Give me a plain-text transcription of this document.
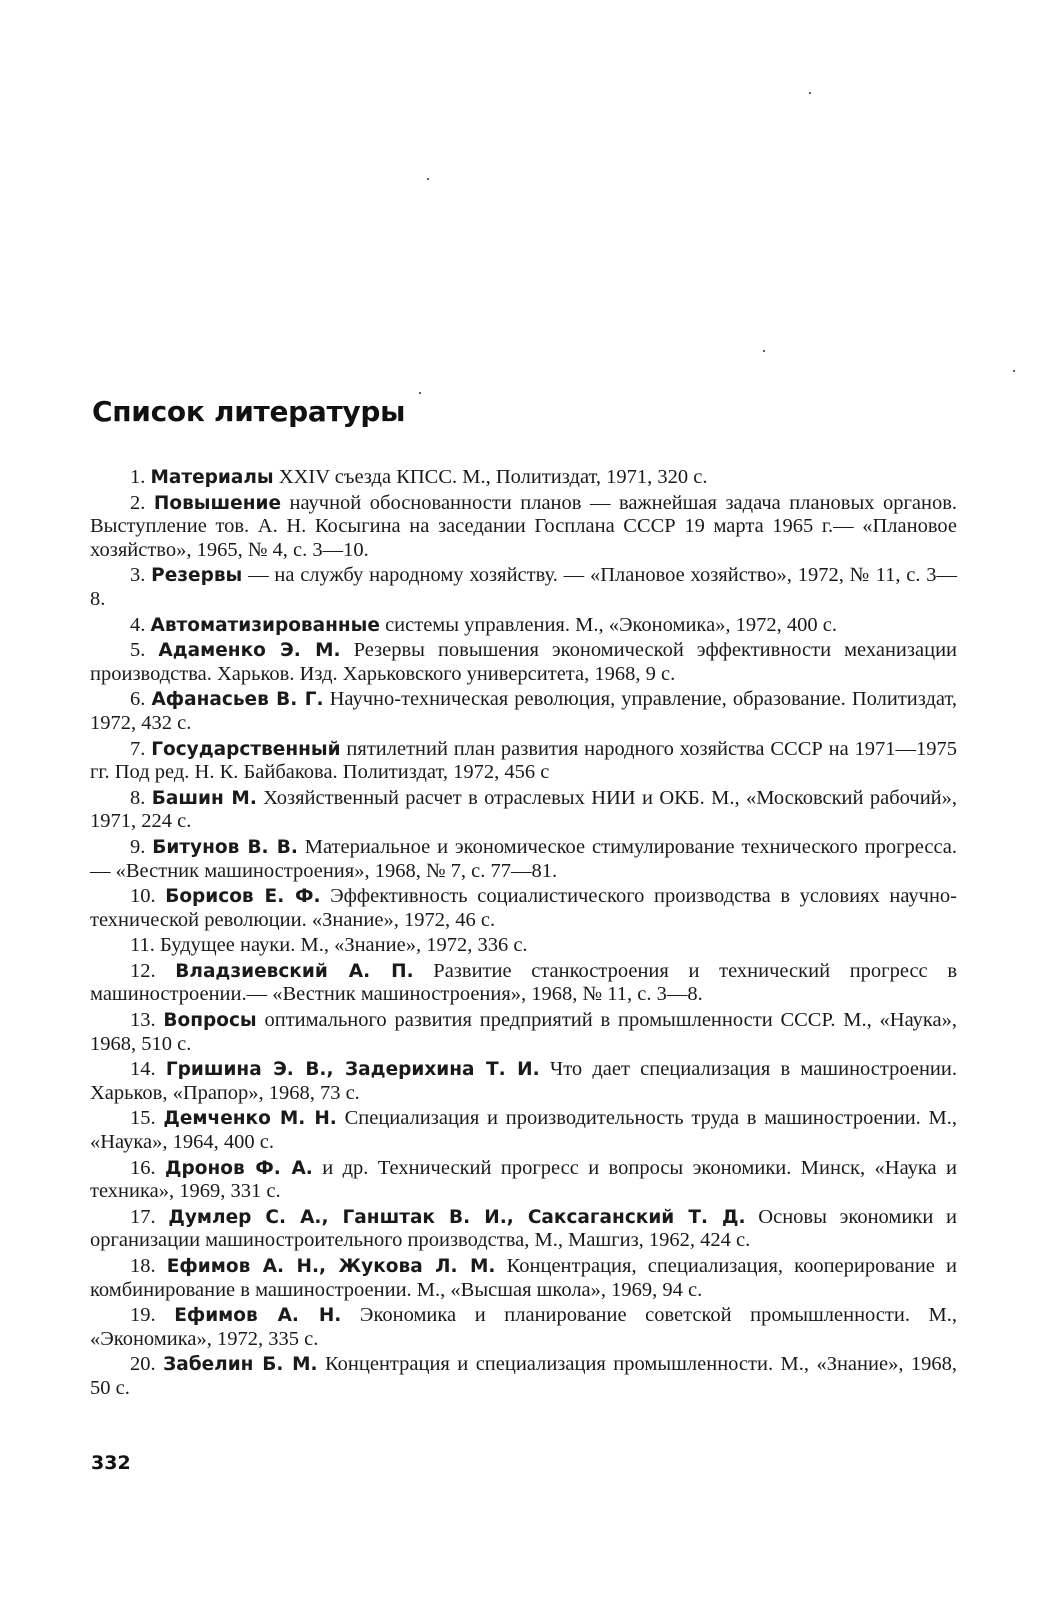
Список литературы
1. Материалы XXIV съезда КПСС. М., Политиздат, 1971, 320 с.
2. Повышение научной обоснованности планов — важнейшая задача плановых органов. Выступление тов. А. Н. Косыгина на заседании Госплана СССР 19 марта 1965 г.— «Плановое хозяйство», 1965, № 4, с. 3—10.
3. Резервы — на службу народному хозяйству. — «Плановое хозяйство», 1972, № 11, с. 3—8.
4. Автоматизированные системы управления. М., «Экономика», 1972, 400 с.
5. Адаменко Э. М. Резервы повышения экономической эффективности механизации производства. Харьков. Изд. Харьковского университета, 1968, 9 с.
6. Афанасьев В. Г. Научно-техническая революция, управление, образование. Политиздат, 1972, 432 с.
7. Государственный пятилетний план развития народного хозяйства СССР на 1971—1975 гг. Под ред. Н. К. Байбакова. Политиздат, 1972, 456 с
8. Башин М. Хозяйственный расчет в отраслевых НИИ и ОКБ. М., «Московский рабочий», 1971, 224 с.
9. Битунов В. В. Материальное и экономическое стимулирование технического прогресса.— «Вестник машиностроения», 1968, № 7, с. 77—81.
10. Борисов Е. Ф. Эффективность социалистического производства в условиях научно-технической революции. «Знание», 1972, 46 с.
11. Будущее науки. М., «Знание», 1972, 336 с.
12. Владзиевский А. П. Развитие станкостроения и технический прогресс в машиностроении.— «Вестник машиностроения», 1968, № 11, с. 3—8.
13. Вопросы оптимального развития предприятий в промышленности СССР. М., «Наука», 1968, 510 с.
14. Гришина Э. В., Задерихина Т. И. Что дает специализация в машиностроении. Харьков, «Прапор», 1968, 73 с.
15. Демченко М. Н. Специализация и производительность труда в машиностроении. М., «Наука», 1964, 400 с.
16. Дронов Ф. А. и др. Технический прогресс и вопросы экономики. Минск, «Наука и техника», 1969, 331 с.
17. Думлер С. А., Ганштак В. И., Саксаганский Т. Д. Основы экономики и организации машиностроительного производства, М., Машгиз, 1962, 424 с.
18. Ефимов А. Н., Жукова Л. М. Концентрация, специализация, кооперирование и комбинирование в машиностроении. М., «Высшая школа», 1969, 94 с.
19. Ефимов А. Н. Экономика и планирование советской промышленности. М., «Экономика», 1972, 335 с.
20. Забелин Б. М. Концентрация и специализация промышленности. М., «Знание», 1968, 50 с.
332
